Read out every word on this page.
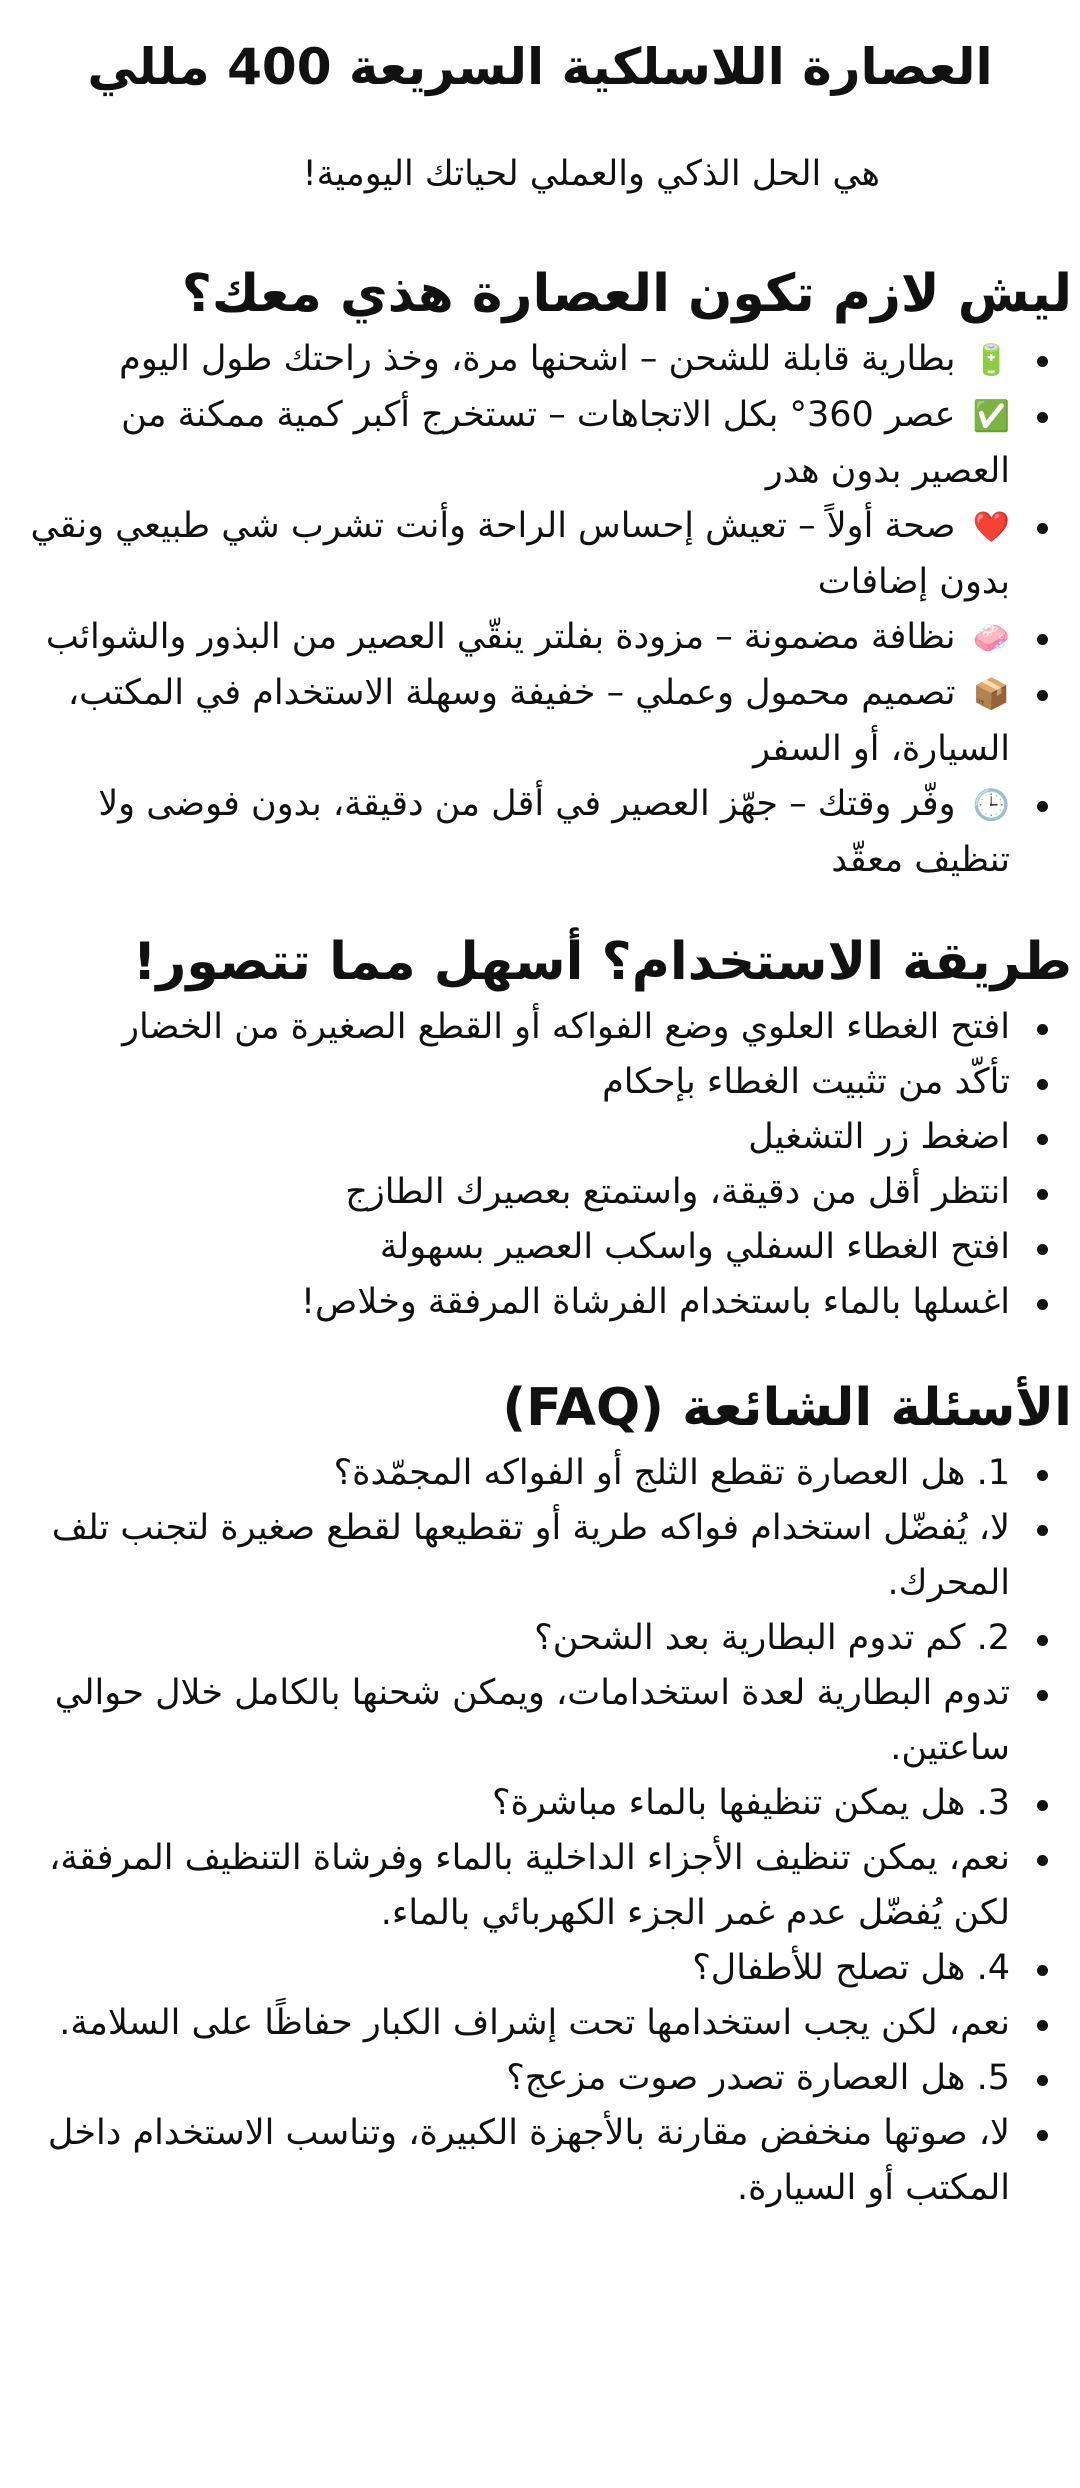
العصارة اللاسلكية السريعة 400 مللي

هي الحل الذكي والعملي لحياتك اليومية!

ليش لازم تكون العصارة هذي معك؟
🔋 بطارية قابلة للشحن – اشحنها مرة، وخذ راحتك طول اليوم
✅ عصر 360° بكل الاتجاهات – تستخرج أكبر كمية ممكنة من العصير بدون هدر
❤️ صحة أولاً – تعيش إحساس الراحة وأنت تشرب شي طبيعي ونقي بدون إضافات
🧼 نظافة مضمونة – مزودة بفلتر ينقّي العصير من البذور والشوائب
📦 تصميم محمول وعملي – خفيفة وسهلة الاستخدام في المكتب، السيارة، أو السفر
🕒 وفّر وقتك – جهّز العصير في أقل من دقيقة، بدون فوضى ولا تنظيف معقّد
طريقة الاستخدام؟ أسهل مما تتصور!
افتح الغطاء العلوي وضع الفواكه أو القطع الصغيرة من الخضار
تأكّد من تثبيت الغطاء بإحكام
اضغط زر التشغيل
انتظر أقل من دقيقة، واستمتع بعصيرك الطازج
افتح الغطاء السفلي واسكب العصير بسهولة
اغسلها بالماء باستخدام الفرشاة المرفقة وخلاص!
الأسئلة الشائعة (FAQ)
1. هل العصارة تقطع الثلج أو الفواكه المجمّدة؟
لا، يُفضّل استخدام فواكه طرية أو تقطيعها لقطع صغيرة لتجنب تلف المحرك.
2. كم تدوم البطارية بعد الشحن؟
تدوم البطارية لعدة استخدامات، ويمكن شحنها بالكامل خلال حوالي ساعتين.
3. هل يمكن تنظيفها بالماء مباشرة؟
نعم، يمكن تنظيف الأجزاء الداخلية بالماء وفرشاة التنظيف المرفقة، لكن يُفضّل عدم غمر الجزء الكهربائي بالماء.
4. هل تصلح للأطفال؟
نعم، لكن يجب استخدامها تحت إشراف الكبار حفاظًا على السلامة.
5. هل العصارة تصدر صوت مزعج؟
لا، صوتها منخفض مقارنة بالأجهزة الكبيرة، وتناسب الاستخدام داخل المكتب أو السيارة.
